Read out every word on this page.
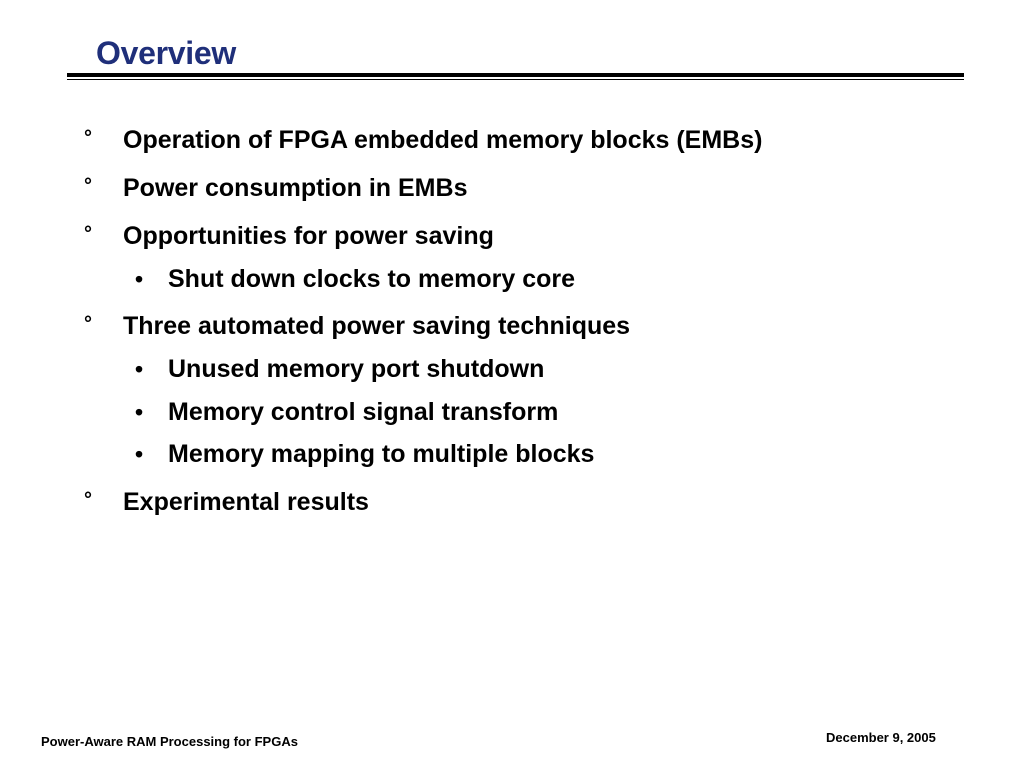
Overview
° Operation of FPGA embedded memory blocks (EMBs)
° Power consumption in EMBs
° Opportunities for power saving
• Shut down clocks to memory core
° Three automated power saving techniques
• Unused memory port shutdown
• Memory control signal transform
• Memory mapping to multiple blocks
° Experimental results
Power-Aware RAM Processing for FPGAs	December 9, 2005
